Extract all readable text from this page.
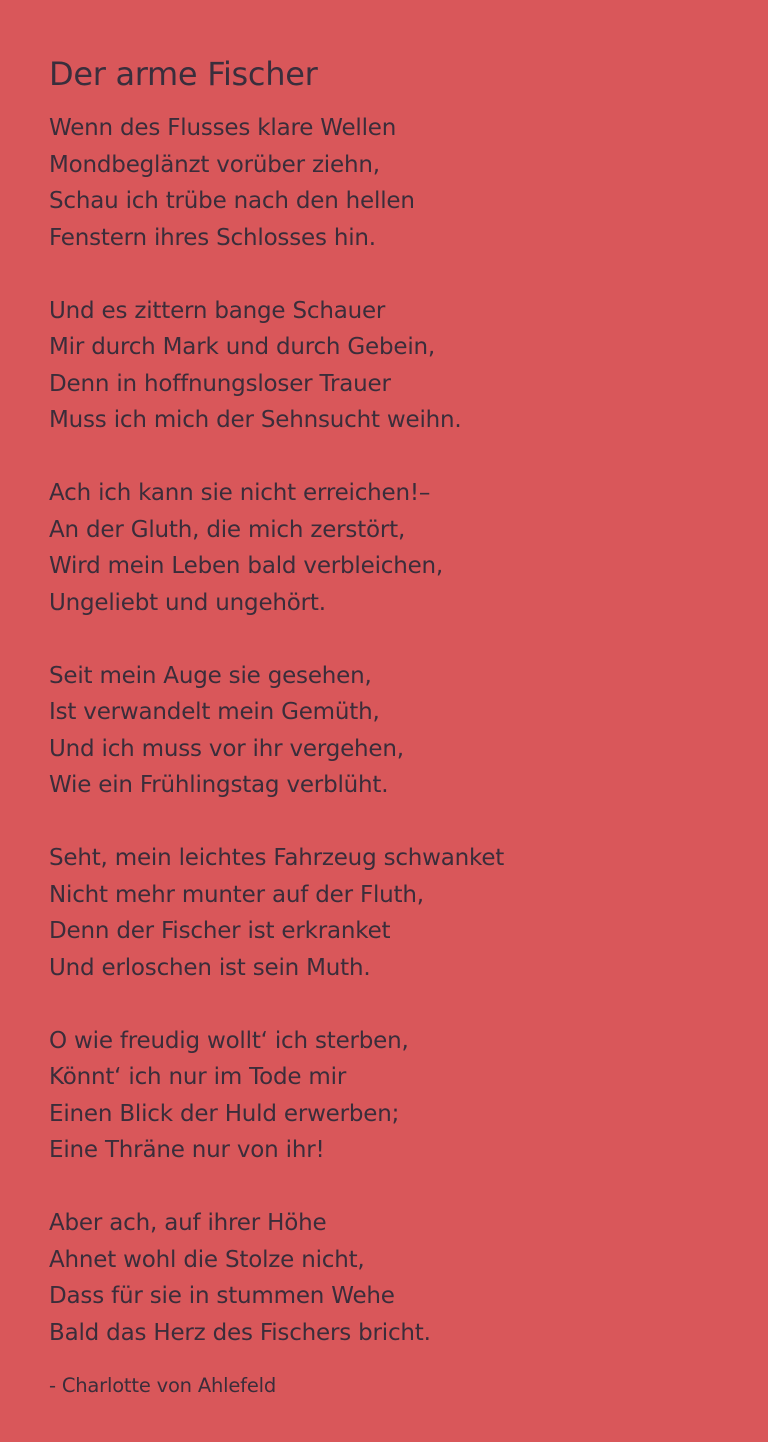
Der arme Fischer
Wenn des Flusses klare Wellen
Mondbeglänzt vorüber ziehn,
Schau ich trübe nach den hellen
Fenstern ihres Schlosses hin.
Und es zittern bange Schauer
Mir durch Mark und durch Gebein,
Denn in hoffnungsloser Trauer
Muss ich mich der Sehnsucht weihn.
Ach ich kann sie nicht erreichen!–
An der Gluth, die mich zerstört,
Wird mein Leben bald verbleichen,
Ungeliebt und ungehört.
Seit mein Auge sie gesehen,
Ist verwandelt mein Gemüth,
Und ich muss vor ihr vergehen,
Wie ein Frühlingstag verblüht.
Seht, mein leichtes Fahrzeug schwanket
Nicht mehr munter auf der Fluth,
Denn der Fischer ist erkranket
Und erloschen ist sein Muth.
O wie freudig wollt‘ ich sterben,
Könnt‘ ich nur im Tode mir
Einen Blick der Huld erwerben;
Eine Thräne nur von ihr!
Aber ach, auf ihrer Höhe
Ahnet wohl die Stolze nicht,
Dass für sie in stummen Wehe
Bald das Herz des Fischers bricht.
- Charlotte von Ahlefeld
